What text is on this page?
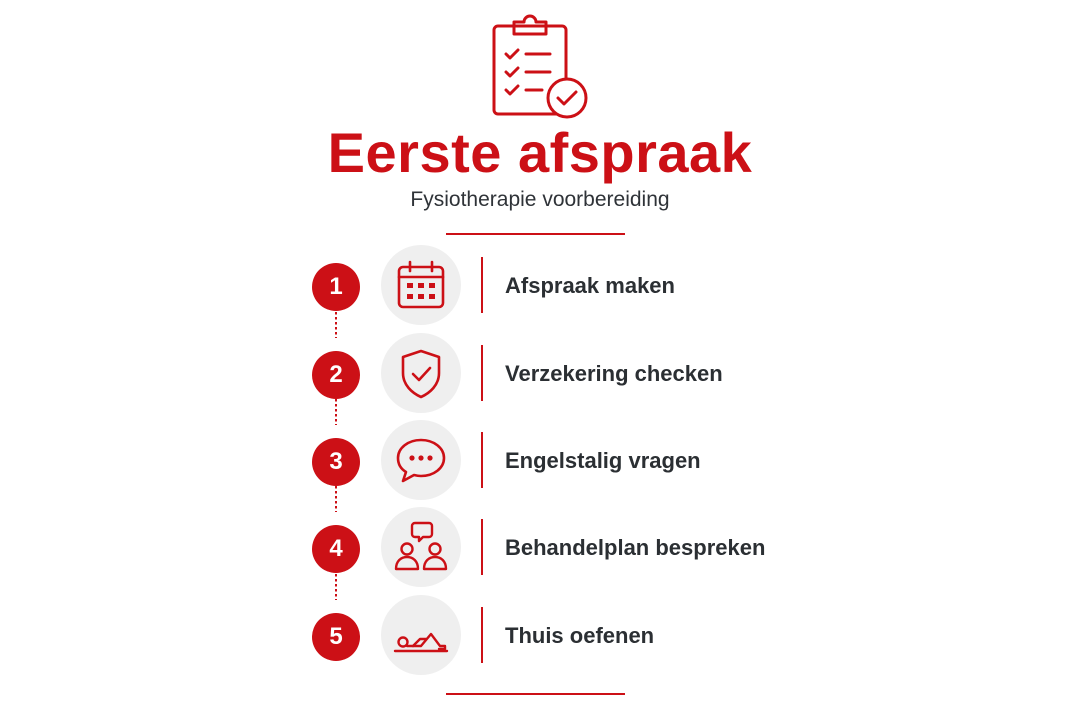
Eerste afspraak
Fysiotherapie voorbereiding
1	Afspraak maken
2	Verzekering checken
3	Engelstalig vragen
4	Behandelplan bespreken
5	Thuis oefenen
